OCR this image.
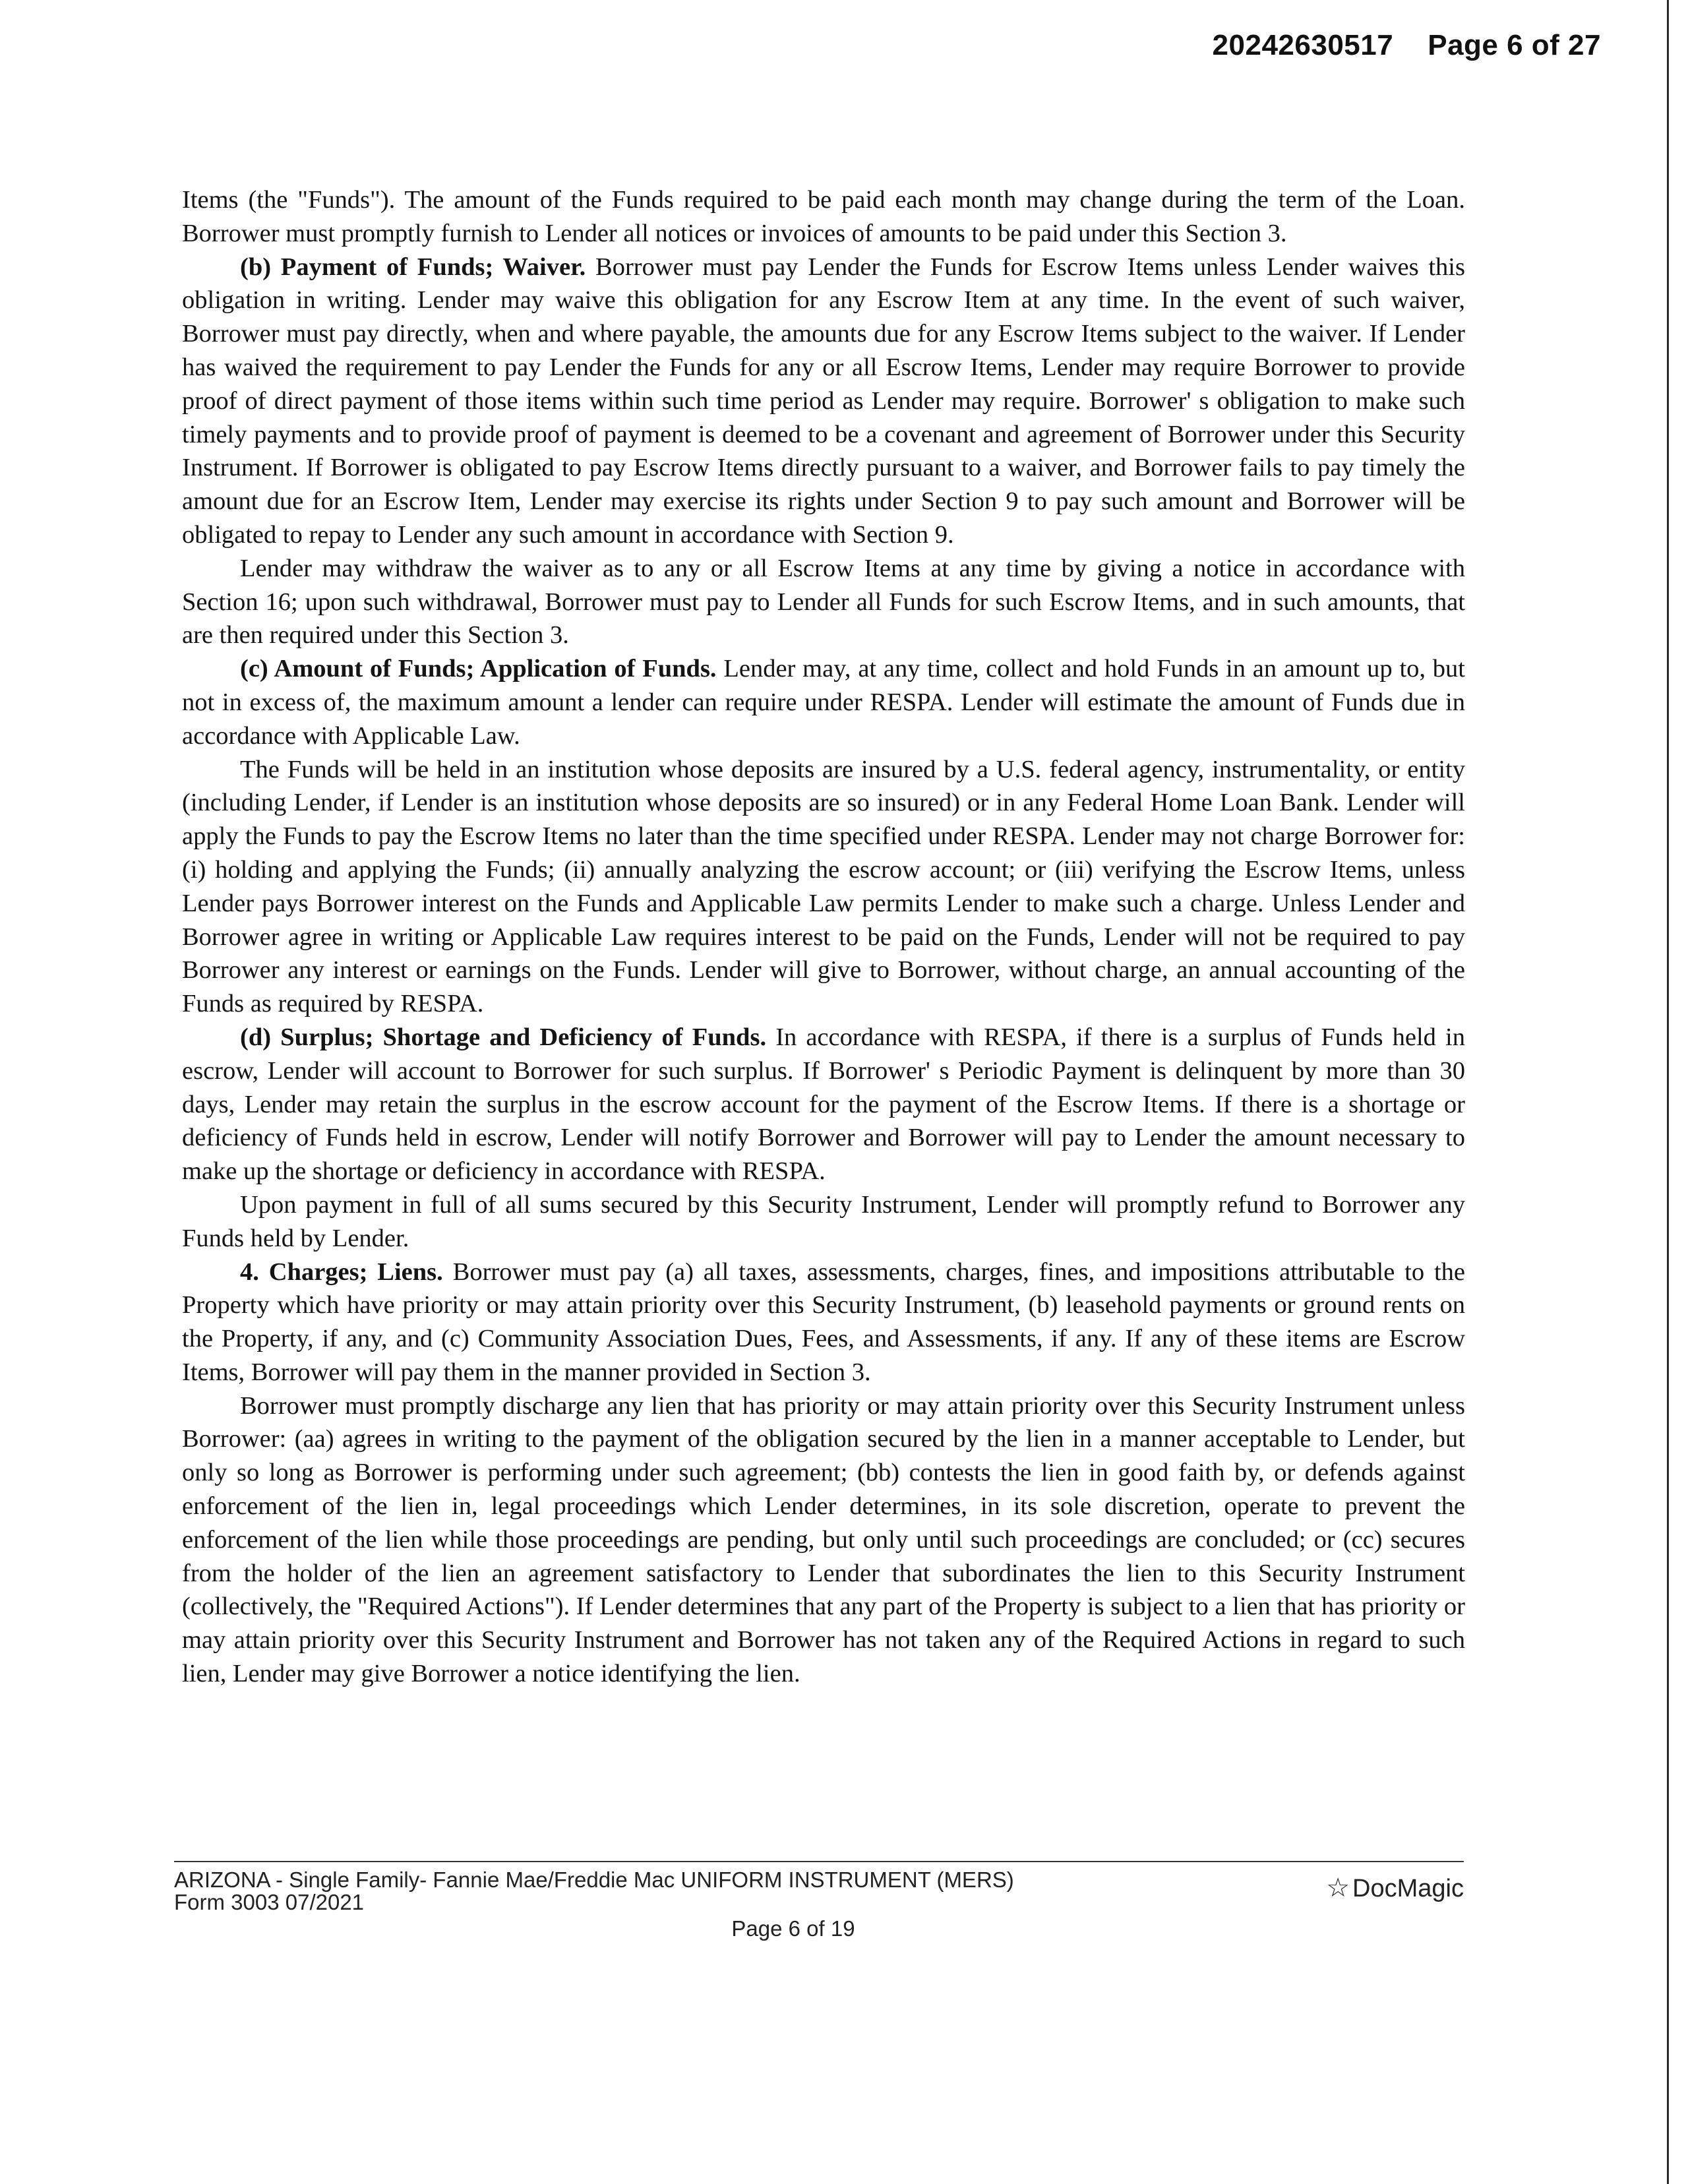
20242630517 Page 6 of 27

Items (the "Funds"). The amount of the Funds required to be paid each month may change during the term of the Loan. Borrower must promptly furnish to Lender all notices or invoices of amounts to be paid under this Section 3.

(b) Payment of Funds; Waiver. Borrower must pay Lender the Funds for Escrow Items unless Lender waives this obligation in writing. Lender may waive this obligation for any Escrow Item at any time. In the event of such waiver, Borrower must pay directly, when and where payable, the amounts due for any Escrow Items subject to the waiver. If Lender has waived the requirement to pay Lender the Funds for any or all Escrow Items, Lender may require Borrower to provide proof of direct payment of those items within such time period as Lender may require. Borrower' s obligation to make such timely payments and to provide proof of payment is deemed to be a covenant and agreement of Borrower under this Security Instrument. If Borrower is obligated to pay Escrow Items directly pursuant to a waiver, and Borrower fails to pay timely the amount due for an Escrow Item, Lender may exercise its rights under Section 9 to pay such amount and Borrower will be obligated to repay to Lender any such amount in accordance with Section 9.

Lender may withdraw the waiver as to any or all Escrow Items at any time by giving a notice in accordance with Section 16; upon such withdrawal, Borrower must pay to Lender all Funds for such Escrow Items, and in such amounts, that are then required under this Section 3.

(c) Amount of Funds; Application of Funds. Lender may, at any time, collect and hold Funds in an amount up to, but not in excess of, the maximum amount a lender can require under RESPA. Lender will estimate the amount of Funds due in accordance with Applicable Law.

The Funds will be held in an institution whose deposits are insured by a U.S. federal agency, instrumentality, or entity (including Lender, if Lender is an institution whose deposits are so insured) or in any Federal Home Loan Bank. Lender will apply the Funds to pay the Escrow Items no later than the time specified under RESPA. Lender may not charge Borrower for: (i) holding and applying the Funds; (ii) annually analyzing the escrow account; or (iii) verifying the Escrow Items, unless Lender pays Borrower interest on the Funds and Applicable Law permits Lender to make such a charge. Unless Lender and Borrower agree in writing or Applicable Law requires interest to be paid on the Funds, Lender will not be required to pay Borrower any interest or earnings on the Funds. Lender will give to Borrower, without charge, an annual accounting of the Funds as required by RESPA.

(d) Surplus; Shortage and Deficiency of Funds. In accordance with RESPA, if there is a surplus of Funds held in escrow, Lender will account to Borrower for such surplus. If Borrower' s Periodic Payment is delinquent by more than 30 days, Lender may retain the surplus in the escrow account for the payment of the Escrow Items. If there is a shortage or deficiency of Funds held in escrow, Lender will notify Borrower and Borrower will pay to Lender the amount necessary to make up the shortage or deficiency in accordance with RESPA.

Upon payment in full of all sums secured by this Security Instrument, Lender will promptly refund to Borrower any Funds held by Lender.

4. Charges; Liens. Borrower must pay (a) all taxes, assessments, charges, fines, and impositions attributable to the Property which have priority or may attain priority over this Security Instrument, (b) leasehold payments or ground rents on the Property, if any, and (c) Community Association Dues, Fees, and Assessments, if any. If any of these items are Escrow Items, Borrower will pay them in the manner provided in Section 3.

Borrower must promptly discharge any lien that has priority or may attain priority over this Security Instrument unless Borrower: (aa) agrees in writing to the payment of the obligation secured by the lien in a manner acceptable to Lender, but only so long as Borrower is performing under such agreement; (bb) contests the lien in good faith by, or defends against enforcement of the lien in, legal proceedings which Lender determines, in its sole discretion, operate to prevent the enforcement of the lien while those proceedings are pending, but only until such proceedings are concluded; or (cc) secures from the holder of the lien an agreement satisfactory to Lender that subordinates the lien to this Security Instrument (collectively, the "Required Actions"). If Lender determines that any part of the Property is subject to a lien that has priority or may attain priority over this Security Instrument and Borrower has not taken any of the Required Actions in regard to such lien, Lender may give Borrower a notice identifying the lien.

ARIZONA - Single Family- Fannie Mae/Freddie Mac UNIFORM INSTRUMENT (MERS)
Form 3003 07/2021
Page 6 of 19
☆ DocMagic
